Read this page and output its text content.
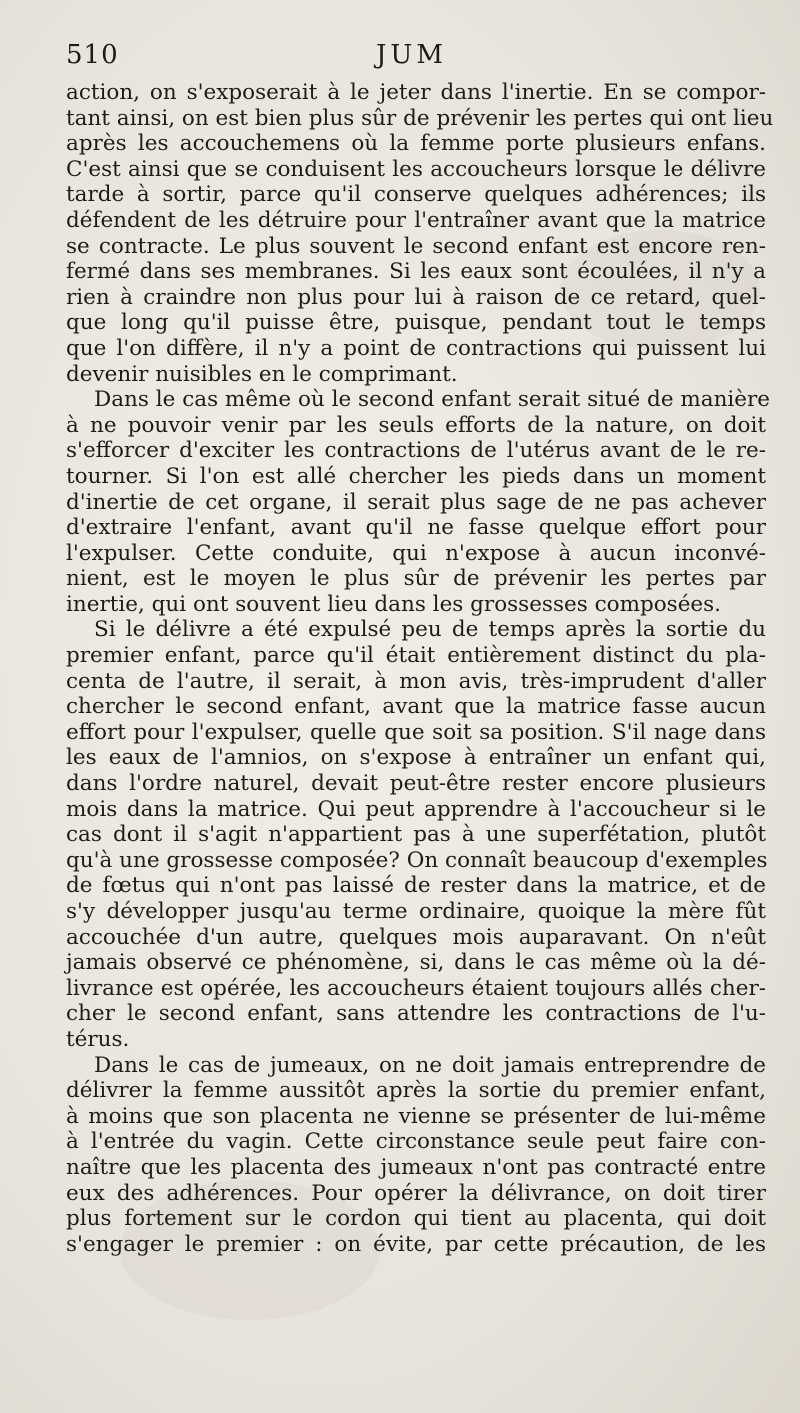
510	JUM
action, on s'exposerait à le jeter dans l'inertie. En se compor-
tant ainsi, on est bien plus sûr de prévenir les pertes qui ont lieu
après les accouchemens où la femme porte plusieurs enfans.
C'est ainsi que se conduisent les accoucheurs lorsque le délivre
tarde à sortir, parce qu'il conserve quelques adhérences; ils
défendent de les détruire pour l'entraîner avant que la matrice
se contracte. Le plus souvent le second enfant est encore ren-
fermé dans ses membranes. Si les eaux sont écoulées, il n'y a
rien à craindre non plus pour lui à raison de ce retard, quel-
que long qu'il puisse être, puisque, pendant tout le temps
que l'on diffère, il n'y a point de contractions qui puissent lui
devenir nuisibles en le comprimant.
Dans le cas même où le second enfant serait situé de manière
à ne pouvoir venir par les seuls efforts de la nature, on doit
s'efforcer d'exciter les contractions de l'utérus avant de le re-
tourner. Si l'on est allé chercher les pieds dans un moment
d'inertie de cet organe, il serait plus sage de ne pas achever
d'extraire l'enfant, avant qu'il ne fasse quelque effort pour
l'expulser. Cette conduite, qui n'expose à aucun inconvé-
nient, est le moyen le plus sûr de prévenir les pertes par
inertie, qui ont souvent lieu dans les grossesses composées.
Si le délivre a été expulsé peu de temps après la sortie du
premier enfant, parce qu'il était entièrement distinct du pla-
centa de l'autre, il serait, à mon avis, très-imprudent d'aller
chercher le second enfant, avant que la matrice fasse aucun
effort pour l'expulser, quelle que soit sa position. S'il nage dans
les eaux de l'amnios, on s'expose à entraîner un enfant qui,
dans l'ordre naturel, devait peut-être rester encore plusieurs
mois dans la matrice. Qui peut apprendre à l'accoucheur si le
cas dont il s'agit n'appartient pas à une superfétation, plutôt
qu'à une grossesse composée? On connaît beaucoup d'exemples
de fœtus qui n'ont pas laissé de rester dans la matrice, et de
s'y développer jusqu'au terme ordinaire, quoique la mère fût
accouchée d'un autre, quelques mois auparavant. On n'eût
jamais observé ce phénomène, si, dans le cas même où la dé-
livrance est opérée, les accoucheurs étaient toujours allés cher-
cher le second enfant, sans attendre les contractions de l'u-
térus.
Dans le cas de jumeaux, on ne doit jamais entreprendre de
délivrer la femme aussitôt après la sortie du premier enfant,
à moins que son placenta ne vienne se présenter de lui-même
à l'entrée du vagin. Cette circonstance seule peut faire con-
naître que les placenta des jumeaux n'ont pas contracté entre
eux des adhérences. Pour opérer la délivrance, on doit tirer
plus fortement sur le cordon qui tient au placenta, qui doit
s'engager le premier : on évite, par cette précaution, de les
